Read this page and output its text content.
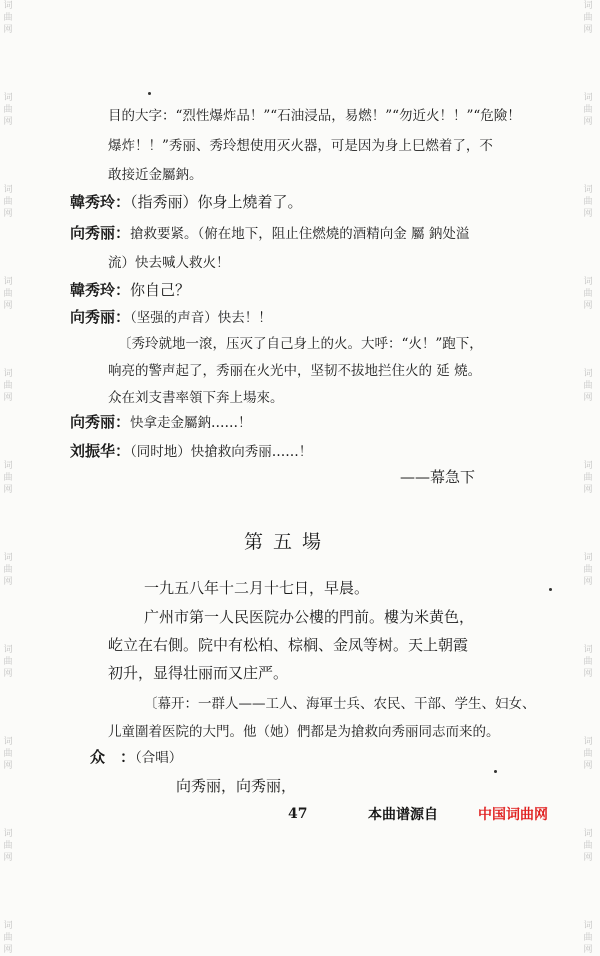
词曲网
词曲网
词曲网
词曲网
词曲网
词曲网
词曲网
词曲网
词曲网
词曲网
词曲网
词曲网
词曲网
词曲网
词曲网
词曲网
词曲网
词曲网
词曲网
词曲网
词曲网
词曲网
目的大字：“烈性爆炸品！”“石油浸品，易燃！”“勿近火！！”“危險！
爆炸！！”秀丽、秀玲想使用灭火器，可是因为身上巳燃着了，不
敢接近金屬鈉。
韓秀玲：（指秀丽）你身上燒着了。
向秀丽：搶救要紧。（俯在地下，阻止住燃燒的酒精向金 屬 鈉处溢
流）快去喊人救火！
韓秀玲：你自己？
向秀丽：（坚强的声音）快去！！
〔秀玲就地一滾，压灭了自己身上的火。大呼：“火！”跑下，
响亮的警声起了，秀丽在火光中，坚韧不拔地拦住火的 延 燒。
众在刘支書率領下奔上場來。
向秀丽：快拿走金屬鈉……！
刘振华：（同时地）快搶救向秀丽……！
——幕急下
第五場
一九五八年十二月十七日，早晨。
广州市第一人民医院办公樓的門前。樓为米黄色，
屹立在右側。院中有松柏、棕榈、金凤等树。天上朝霞
初升，显得壮丽而又庄严。
〔幕开：一群人——工人、海軍士兵、农民、干部、学生、妇女、
儿童圍着医院的大門。他（她）們都是为搶救向秀丽同志而来的。
众　：（合唱）
向秀丽，向秀丽，
47	本曲谱源自	中国词曲网
